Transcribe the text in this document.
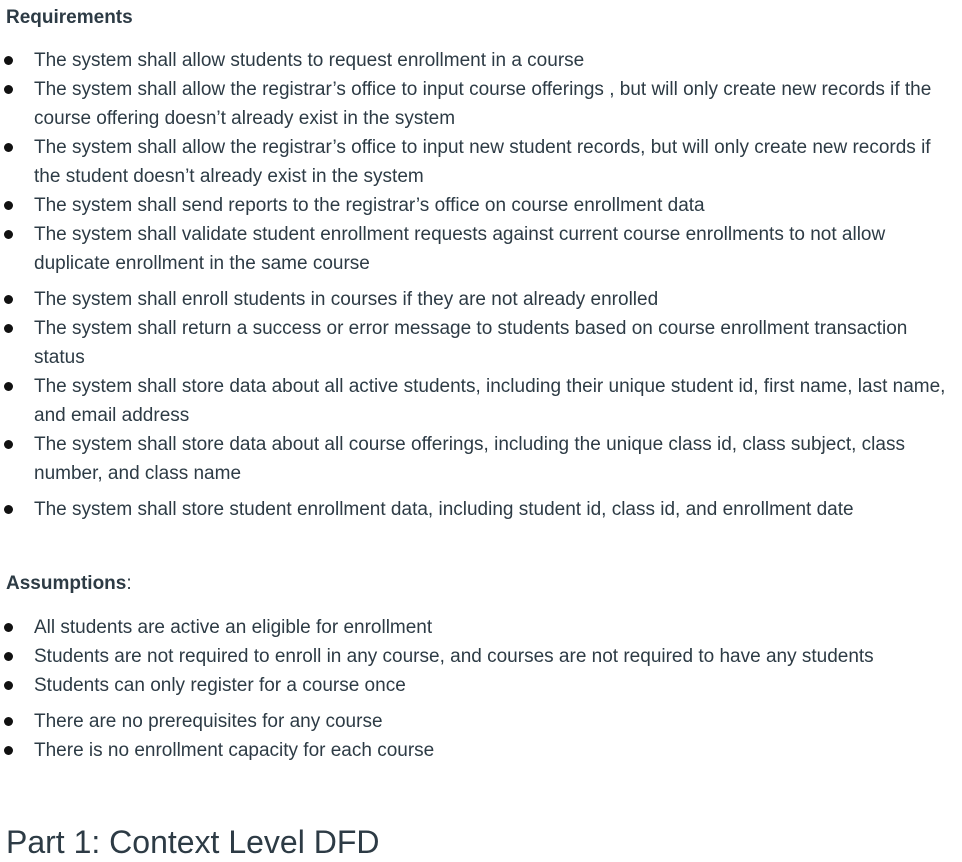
Requirements
The system shall allow students to request enrollment in a course
The system shall allow the registrar’s office to input course offerings , but will only create new records if the course offering doesn’t already exist in the system
The system shall allow the registrar’s office to input new student records, but will only create new records if the student doesn’t already exist in the system
The system shall send reports to the registrar’s office on course enrollment data
The system shall validate student enrollment requests against current course enrollments to not allow duplicate enrollment in the same course
The system shall enroll students in courses if they are not already enrolled
The system shall return a success or error message to students based on course enrollment transaction status
The system shall store data about all active students, including their unique student id, first name, last name, and email address
The system shall store data about all course offerings, including the unique class id, class subject, class number, and class name
The system shall store student enrollment data, including student id, class id, and enrollment date
Assumptions:
All students are active an eligible for enrollment
Students are not required to enroll in any course, and courses are not required to have any students
Students can only register for a course once
There are no prerequisites for any course
There is no enrollment capacity for each course
Part 1: Context Level DFD
